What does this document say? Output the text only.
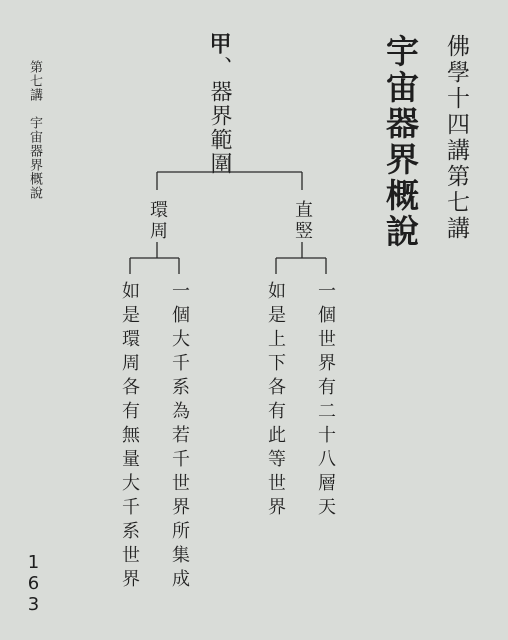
第七講　宇宙器界概說
163
佛學十四講第七講
宇宙器界概說
甲、器界範圍
直竪
環周
一個世界有二十八層天
如是上下各有此等世界
一個大千系為若千世界所集成
如是環周各有無量大千系世界
